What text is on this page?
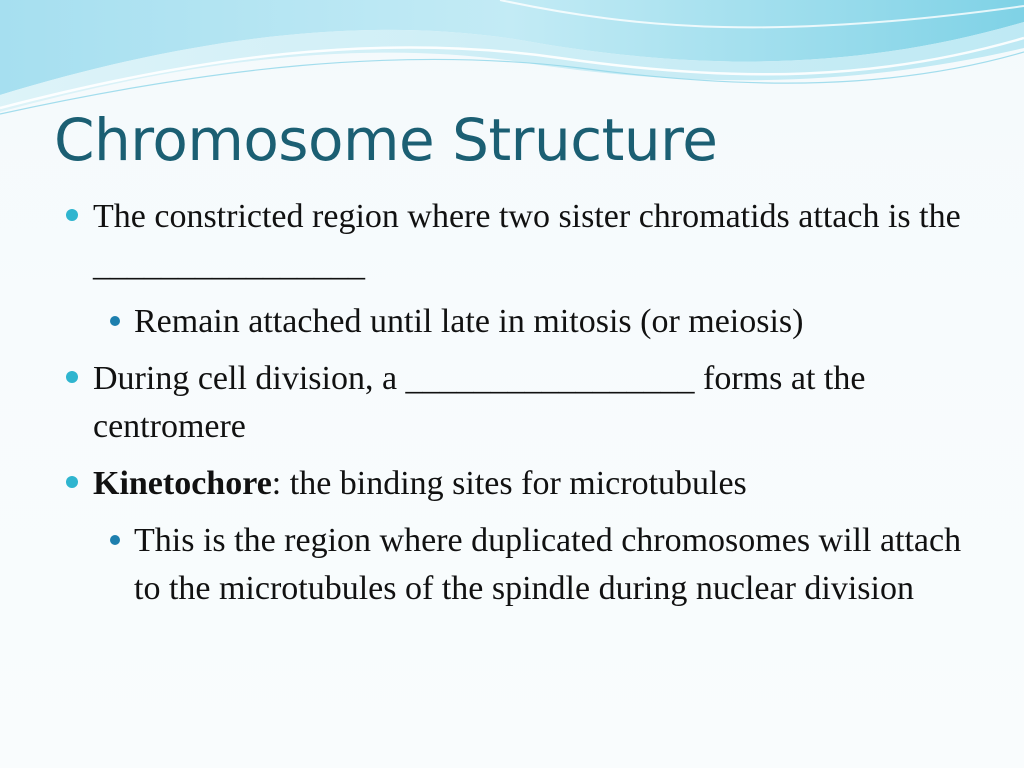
Chromosome Structure
The constricted region where two sister chromatids attach is the ________________
Remain attached until late in mitosis (or meiosis)
During cell division, a _________________ forms at the centromere
Kinetochore: the binding sites for microtubules
This is the region where duplicated chromosomes will attach to the microtubules of the spindle during nuclear division
